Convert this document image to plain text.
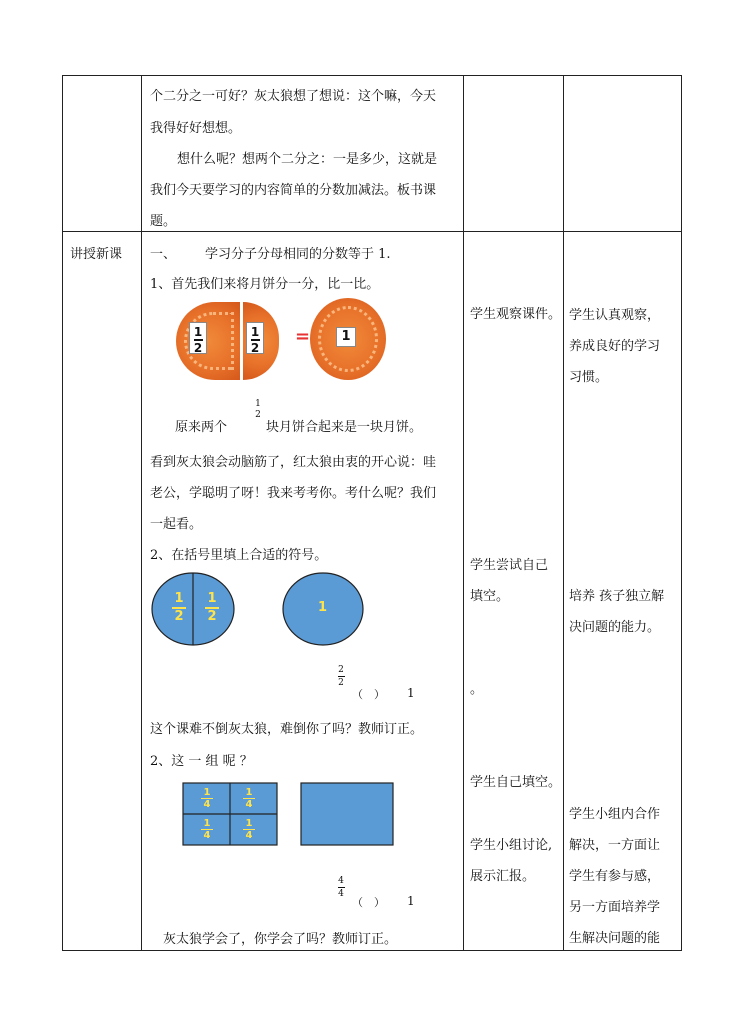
个二分之一可好？灰太狼想了想说：这个嘛，今天
我得好好想想。
想什么呢？想两个二分之：一是多少，这就是
我们今天要学习的内容简单的分数加减法。板书课
题。
讲授新课 一、 学习分子分母相同的分数等于 1.
1、首先我们来将月饼分一分，比一比。
1
2
1
2
=	1
原来两个
1
2
块月饼合起来是一块月饼。
看到灰太狼会动脑筋了，红太狼由衷的开心说：哇
老公，学聪明了呀！我来考考你。考什么呢？我们
一起看。
2、在括号里填上合适的符号。
1
2
1
2
1
2
2
（　） 1
这个课难不倒灰太狼，难倒你了吗？教师订正。
2、这 一 组 呢 ？
1
4
1
4
1
4
1
4
4
4
（　） 1
灰太狼学会了，你学会了吗？教师订正。
学生观察课件。
学生尝试自己
填空。
。
学生自己填空。
学生小组讨论,
展示汇报。
学生认真观察，
养成良好的学习
习惯。
培养 孩子独立解
决问题的能力。
学生小组内合作
解决，一方面让
学生有参与感，
另一方面培养学
生解决问题的能
